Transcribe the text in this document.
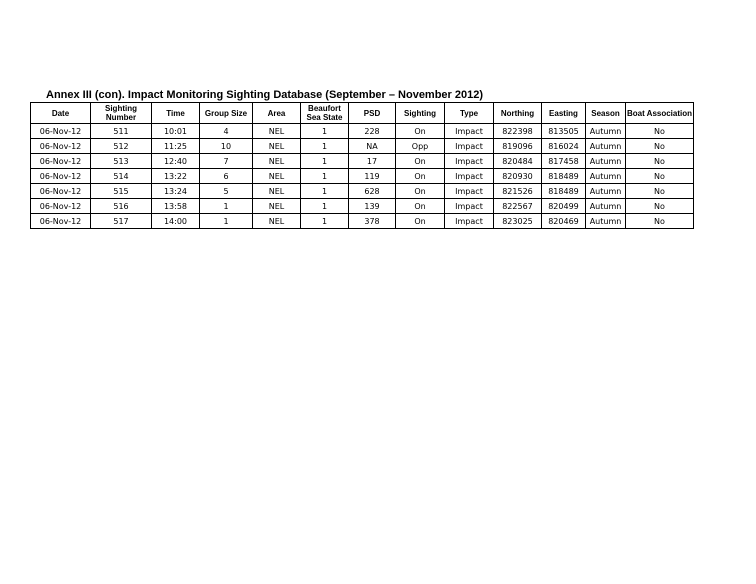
Annex III (con). Impact Monitoring Sighting Database (September – November 2012)
Date	Sighting Number	Time	Group Size	Area	Beaufort Sea State	PSD	Sighting	Type	Northing	Easting	Season	Boat Association
06-Nov-12	511	10:01	4	NEL	1	228	On	Impact	822398	813505	Autumn	No
06-Nov-12	512	11:25	10	NEL	1	NA	Opp	Impact	819096	816024	Autumn	No
06-Nov-12	513	12:40	7	NEL	1	17	On	Impact	820484	817458	Autumn	No
06-Nov-12	514	13:22	6	NEL	1	119	On	Impact	820930	818489	Autumn	No
06-Nov-12	515	13:24	5	NEL	1	628	On	Impact	821526	818489	Autumn	No
06-Nov-12	516	13:58	1	NEL	1	139	On	Impact	822567	820499	Autumn	No
06-Nov-12	517	14:00	1	NEL	1	378	On	Impact	823025	820469	Autumn	No
